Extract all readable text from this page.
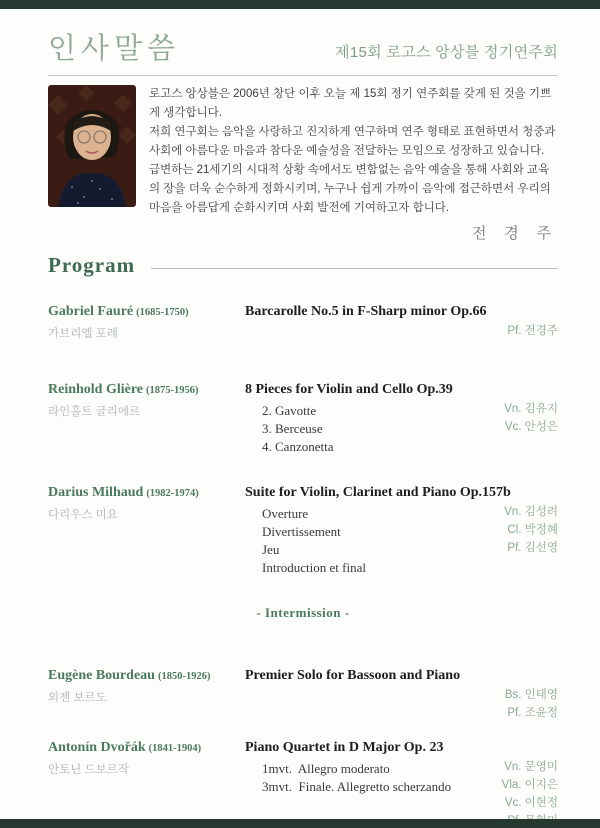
인사말씀	제15회 로고스 앙상블 정기연주회

로고스 앙상블은 2006년 창단 이후 오늘 제 15회 정기 연주회를 갖게 된 것을 기쁘게 생각합니다.

저희 연구회는 음악을 사랑하고 진지하게 연구하며 연주 형태로 표현하면서 청중과 사회에 아름다운 마음과 참다운 예술성을 전달하는 모임으로 성장하고 있습니다.

급변하는 21세기의 시대적 상황 속에서도 변함없는 음악 예술을 통해 사회와 교육의 장을 더욱 순수하게 정화시키며, 누구나 쉽게 가까이 음악에 접근하면서 우리의 마음을 아름답게 순화시키며 사회 발전에 기여하고자 합니다.

전 경 주
Program
Gabriel Fauré (1685-1750)
가브리엘 포레
Barcarolle No.5 in F-Sharp minor Op.66
Pf. 전경주
Reinhold Glière (1875-1956)
라인홀트 글리에르
8 Pieces for Violin and Cello Op.39
2. Gavotte
3. Berceuse
4. Canzonetta
Vn. 김유지
Vc. 안성은
Darius Milhaud (1982-1974)
다리우스 미요
Suite for Violin, Clarinet and Piano Op.157b
Overture
Divertissement
Jeu
Introduction et final
Vn. 김성려
Cl. 박정혜
Pf. 김선영
- Intermission -
Eugène Bourdeau (1850-1926)
외젠 보르도
Premier Solo for Bassoon and Piano
Bs. 인태영
Pf. 조윤정
Antonín Dvořák (1841-1904)
안토닌 드보르작
Piano Quartet in D Major Op. 23
1mvt.  Allegro moderato
3mvt.  Finale. Allegretto scherzando
Vn. 문영미
Vla. 이지은
Vc. 이현정
